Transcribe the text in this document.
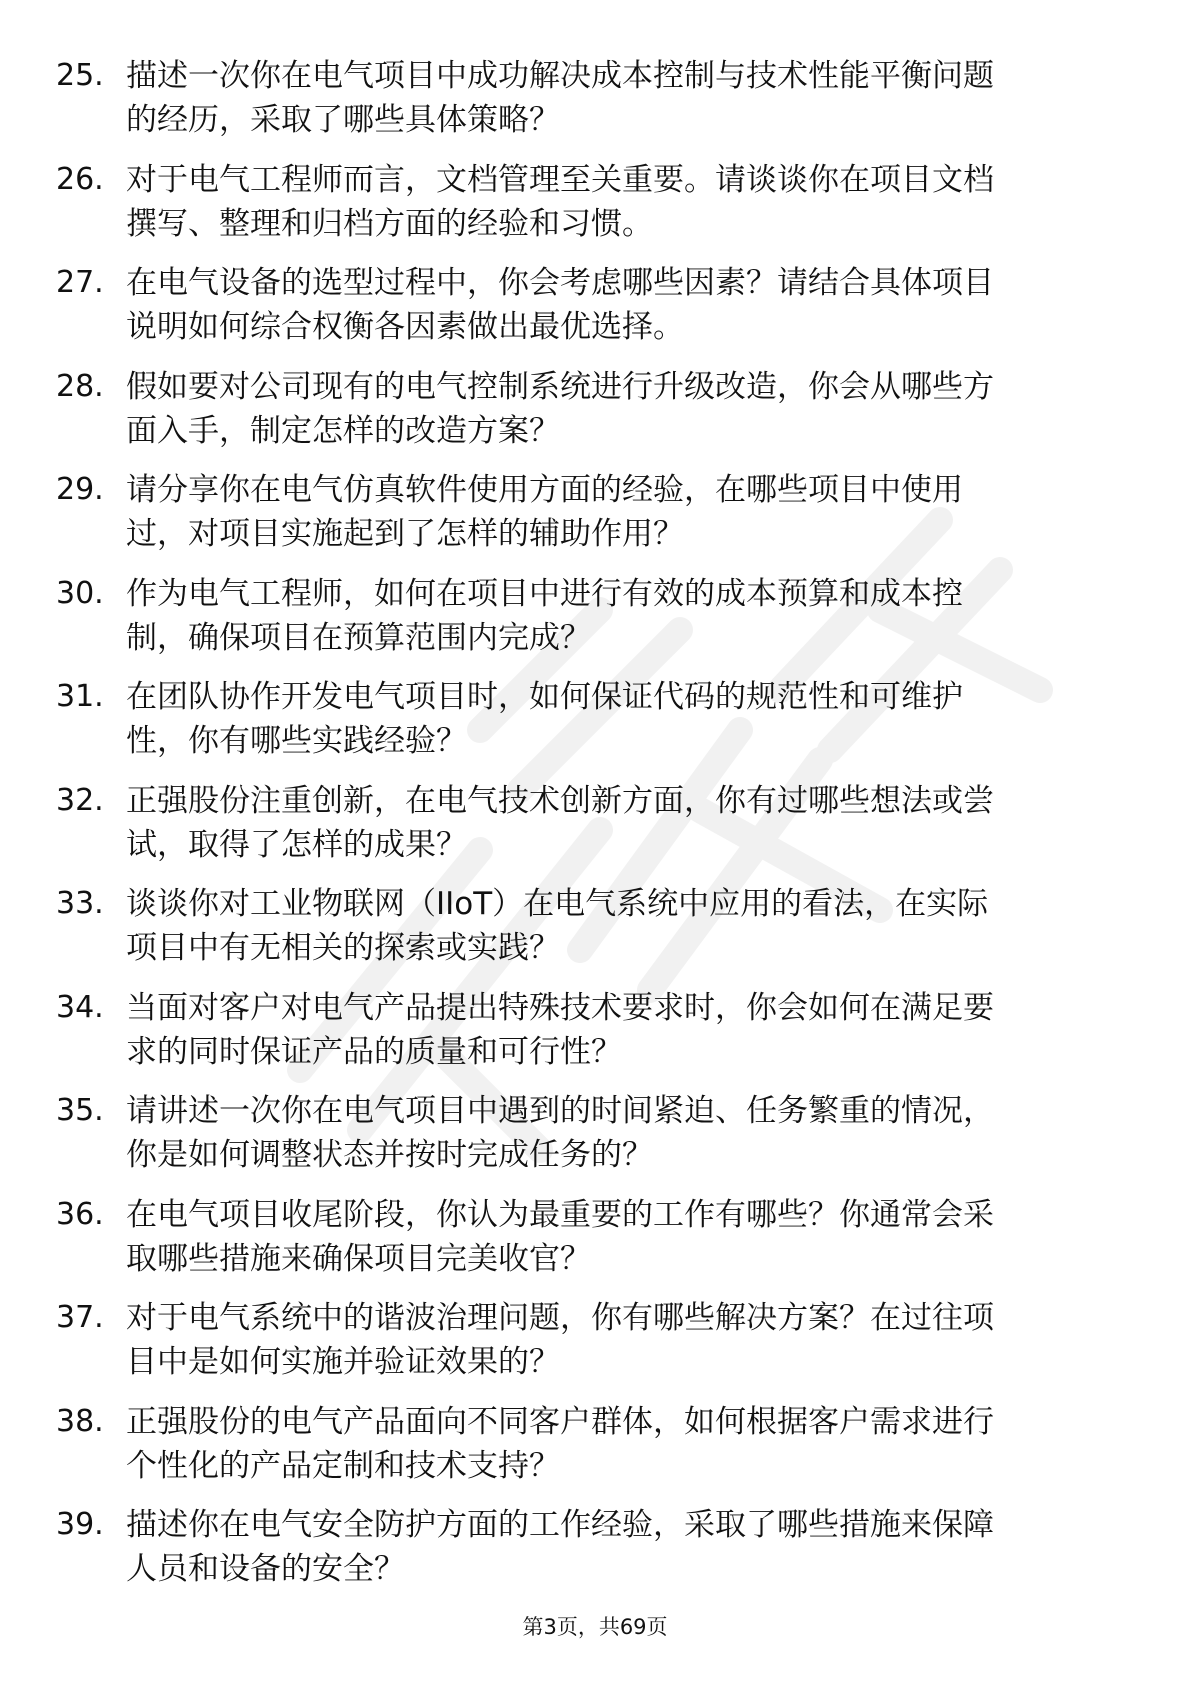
25. 描述一次你在电气项目中成功解决成本控制与技术性能平衡问题
的经历，采取了哪些具体策略？
26. 对于电气工程师而言，文档管理至关重要。请谈谈你在项目文档
撰写、整理和归档方面的经验和习惯。
27. 在电气设备的选型过程中，你会考虑哪些因素？请结合具体项目
说明如何综合权衡各因素做出最优选择。
28. 假如要对公司现有的电气控制系统进行升级改造，你会从哪些方
面入手，制定怎样的改造方案？
29. 请分享你在电气仿真软件使用方面的经验，在哪些项目中使用
过，对项目实施起到了怎样的辅助作用？
30. 作为电气工程师，如何在项目中进行有效的成本预算和成本控
制，确保项目在预算范围内完成？
31. 在团队协作开发电气项目时，如何保证代码的规范性和可维护
性，你有哪些实践经验？
32. 正强股份注重创新，在电气技术创新方面，你有过哪些想法或尝
试，取得了怎样的成果？
33. 谈谈你对工业物联网（IIoT）在电气系统中应用的看法，在实际
项目中有无相关的探索或实践？
34. 当面对客户对电气产品提出特殊技术要求时，你会如何在满足要
求的同时保证产品的质量和可行性？
35. 请讲述一次你在电气项目中遇到的时间紧迫、任务繁重的情况，
你是如何调整状态并按时完成任务的？
36. 在电气项目收尾阶段，你认为最重要的工作有哪些？你通常会采
取哪些措施来确保项目完美收官？
37. 对于电气系统中的谐波治理问题，你有哪些解决方案？在过往项
目中是如何实施并验证效果的？
38. 正强股份的电气产品面向不同客户群体，如何根据客户需求进行
个性化的产品定制和技术支持？
39. 描述你在电气安全防护方面的工作经验，采取了哪些措施来保障
人员和设备的安全？
第3页，共69页
